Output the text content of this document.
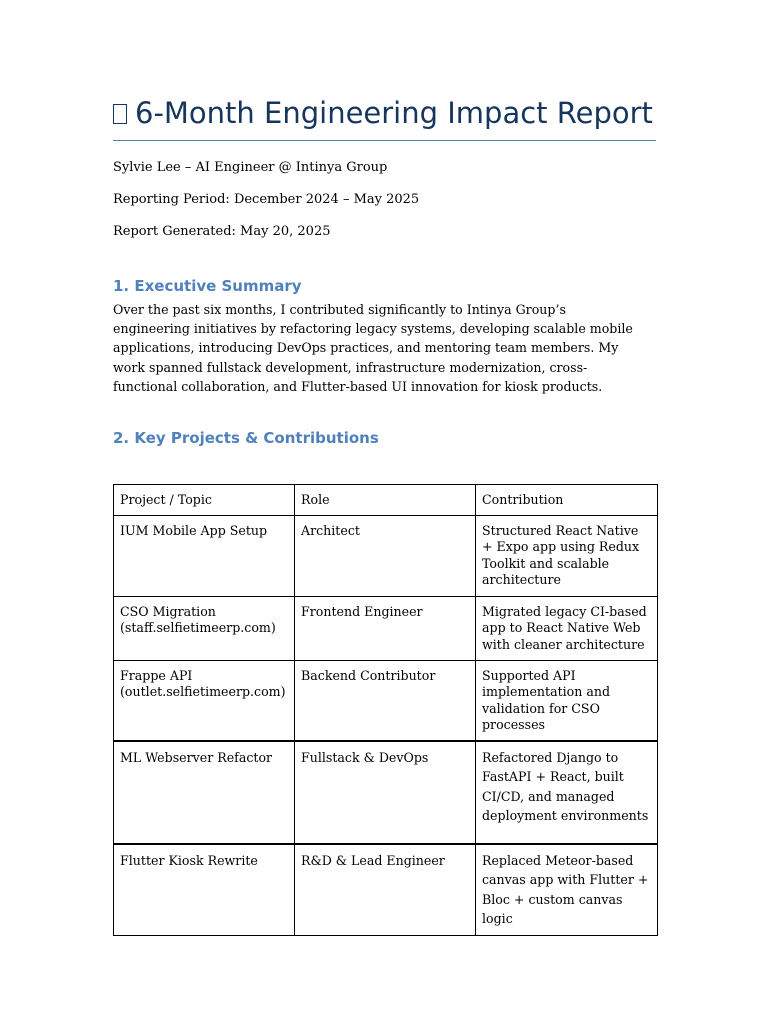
6-Month Engineering Impact Report
Sylvie Lee – AI Engineer @ Intinya Group
Reporting Period: December 2024 – May 2025
Report Generated: May 20, 2025
1. Executive Summary
Over the past six months, I contributed significantly to Intinya Group’s engineering initiatives by refactoring legacy systems, developing scalable mobile applications, introducing DevOps practices, and mentoring team members. My work spanned fullstack development, infrastructure modernization, cross-functional collaboration, and Flutter-based UI innovation for kiosk products.
2. Key Projects & Contributions
Project / Topic	Role	Contribution
IUM Mobile App Setup	Architect	Structured React Native + Expo app using Redux Toolkit and scalable architecture
CSO Migration (staff.selfietimeerp.com)	Frontend Engineer	Migrated legacy CI-based app to React Native Web with cleaner architecture
Frappe API (outlet.selfietimeerp.com)	Backend Contributor	Supported API implementation and validation for CSO processes
ML Webserver Refactor	Fullstack & DevOps	Refactored Django to FastAPI + React, built CI/CD, and managed deployment environments
Flutter Kiosk Rewrite	R&D & Lead Engineer	Replaced Meteor-based canvas app with Flutter + Bloc + custom canvas logic
